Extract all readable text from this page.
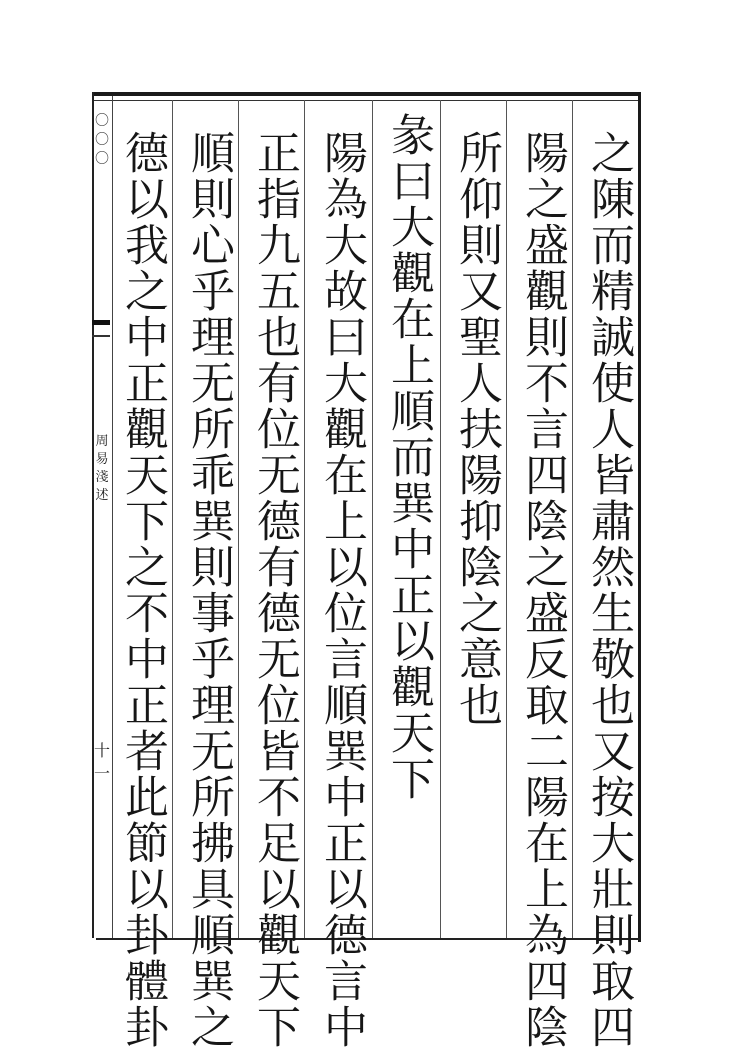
〇〇〇
周
易
淺
述
十一	之陳而精誠使人皆肅然生敬也又按大壯則取四
陽之盛觀則不言四陰之盛反取二陽在上為四陰
所仰則又聖人扶陽抑陰之意也
彖曰大觀在上順而巽中正以觀天下
陽為大故曰大觀在上以位言順巽中正以德言中
正指九五也有位无德有德无位皆不足以觀天下
順則心乎理无所乖巽則事乎理无所拂具順巽之
德以我之中正觀天下之不中正者此節以卦體卦
